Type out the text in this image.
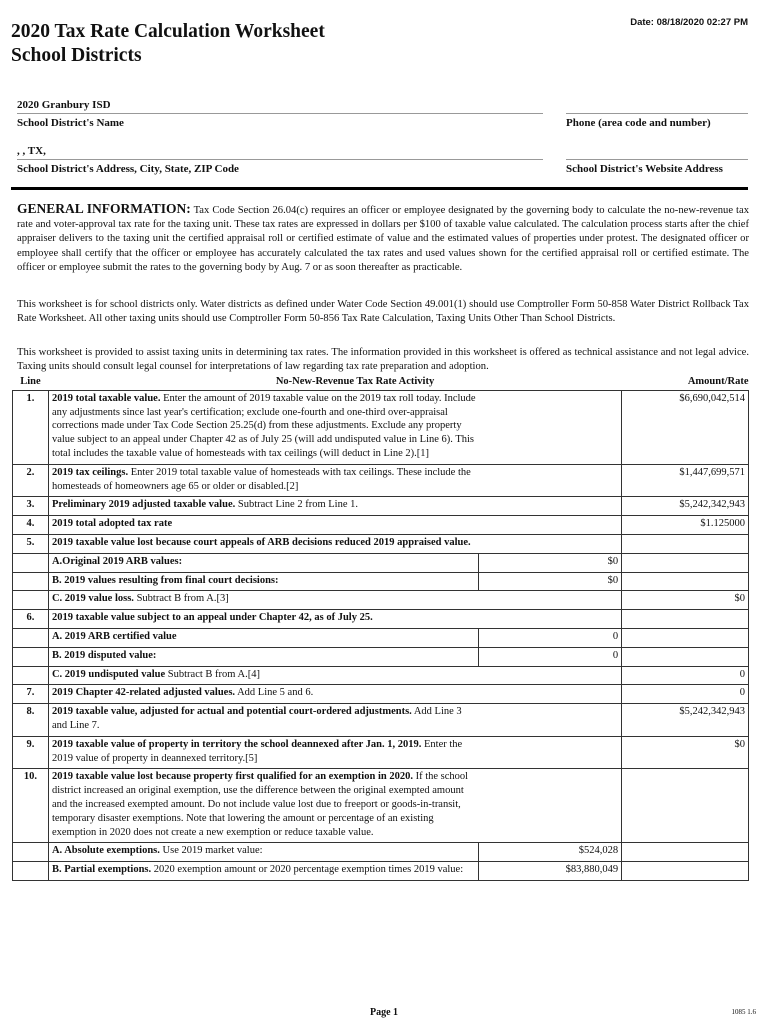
2020 Tax Rate Calculation Worksheet
School Districts
Date: 08/18/2020 02:27 PM
2020 Granbury ISD
School District's Name	Phone (area code and number)
, , TX,
School District's Address, City, State, ZIP Code	School District's Website Address
GENERAL INFORMATION: Tax Code Section 26.04(c) requires an officer or employee designated by the governing body to calculate the no-new-revenue tax rate and voter-approval tax rate for the taxing unit. These tax rates are expressed in dollars per $100 of taxable value calculated. The calculation process starts after the chief appraiser delivers to the taxing unit the certified appraisal roll or certified estimate of value and the estimated values of properties under protest. The designated officer or employee shall certify that the officer or employee has accurately calculated the tax rates and used values shown for the certified appraisal roll or certified estimate. The officer or employee submit the rates to the governing body by Aug. 7 or as soon thereafter as practicable.
This worksheet is for school districts only. Water districts as defined under Water Code Section 49.001(1) should use Comptroller Form 50-858 Water District Rollback Tax Rate Worksheet. All other taxing units should use Comptroller Form 50-856 Tax Rate Calculation, Taxing Units Other Than School Districts.
This worksheet is provided to assist taxing units in determining tax rates. The information provided in this worksheet is offered as technical assistance and not legal advice. Taxing units should consult legal counsel for interpretations of law regarding tax rate preparation and adoption.
Line	No-New-Revenue Tax Rate Activity		Amount/Rate
1.	2019 total taxable value. Enter the amount of 2019 taxable value on the 2019 tax roll today. Include any adjustments since last year's certification; exclude one-fourth and one-third over-appraisal corrections made under Tax Code Section 25.25(d) from these adjustments. Exclude any property value subject to an appeal under Chapter 42 as of July 25 (will add undisputed value in Line 6). This total includes the taxable value of homesteads with tax ceilings (will deduct in Line 2).[1]		$6,690,042,514
2.	2019 tax ceilings. Enter 2019 total taxable value of homesteads with tax ceilings. These include the homesteads of homeowners age 65 or older or disabled.[2]		$1,447,699,571
3.	Preliminary 2019 adjusted taxable value. Subtract Line 2 from Line 1.		$5,242,342,943
4.	2019 total adopted tax rate		$1.125000
5.	2019 taxable value lost because court appeals of ARB decisions reduced 2019 appraised value.		
	A.Original 2019 ARB values:	$0	
	B. 2019 values resulting from final court decisions:	$0	
	C. 2019 value loss. Subtract B from A.[3]		$0
6.	2019 taxable value subject to an appeal under Chapter 42, as of July 25.		
	A. 2019 ARB certified value	0	
	B. 2019 disputed value:	0	
	C. 2019 undisputed value Subtract B from A.[4]		0
7.	2019 Chapter 42-related adjusted values. Add Line 5 and 6.		0
8.	2019 taxable value, adjusted for actual and potential court-ordered adjustments. Add Line 3 and Line 7.		$5,242,342,943
9.	2019 taxable value of property in territory the school deannexed after Jan. 1, 2019. Enter the 2019 value of property in deannexed territory.[5]		$0
10.	2019 taxable value lost because property first qualified for an exemption in 2020. If the school district increased an original exemption, use the difference between the original exempted amount and the increased exempted amount. Do not include value lost due to freeport or goods-in-transit, temporary disaster exemptions. Note that lowering the amount or percentage of an existing exemption in 2020 does not create a new exemption or reduce taxable value.		
	A. Absolute exemptions. Use 2019 market value:	$524,028	
	B. Partial exemptions. 2020 exemption amount or 2020 percentage exemption times 2019 value:	$83,880,049	
Page 1	1085 1.6
